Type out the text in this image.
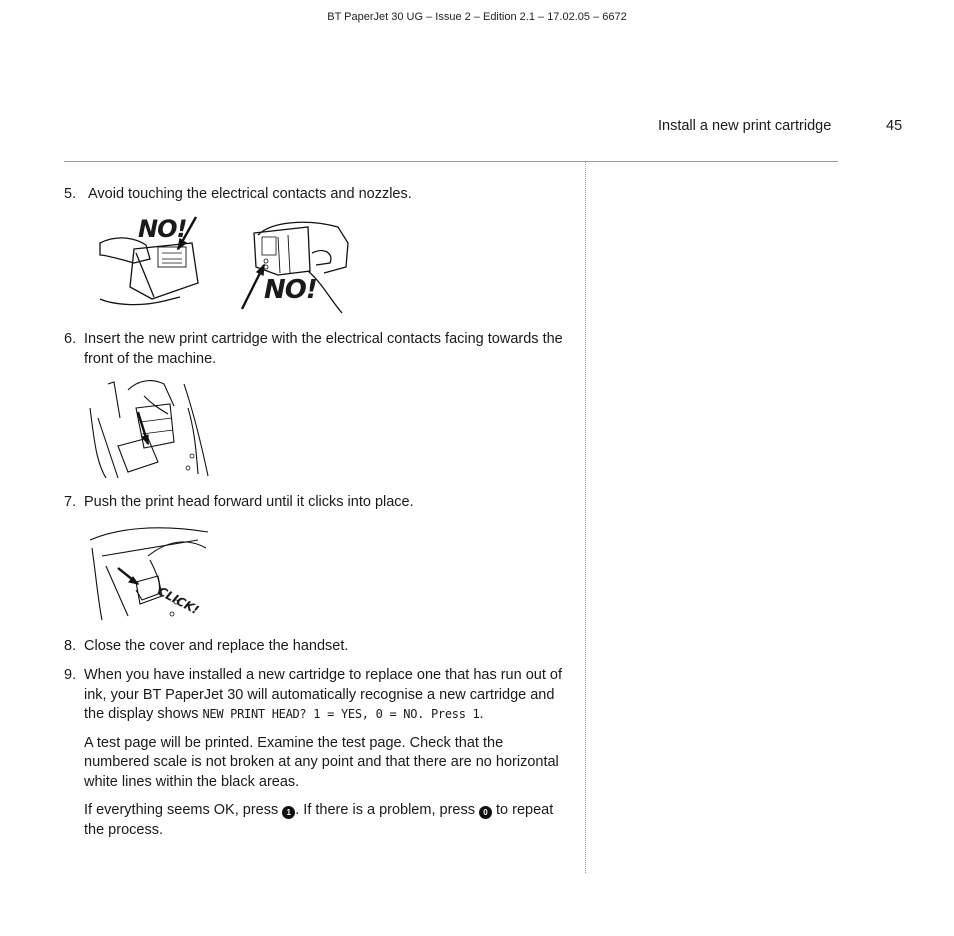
BT PaperJet 30 UG – Issue 2 – Edition 2.1 – 17.02.05 – 6672
Install a new print cartridge	45
5. Avoid touching the electrical contacts and nozzles.

NO!
NO!
6. Insert the new print cartridge with the electrical contacts facing towards the front of the machine.

7. Push the print head forward until it clicks into place.

CLICK!
8. Close the cover and replace the handset.

9. When you have installed a new cartridge to replace one that has run out of ink, your BT PaperJet 30 will automatically recognise a new cartridge and the display shows NEW PRINT HEAD? 1 = YES, 0 = NO. Press 1.

A test page will be printed. Examine the test page. Check that the numbered scale is not broken at any point and that there are no horizontal white lines within the black areas.

If everything seems OK, press 1 . If there is a problem, press 0 to repeat the process.
